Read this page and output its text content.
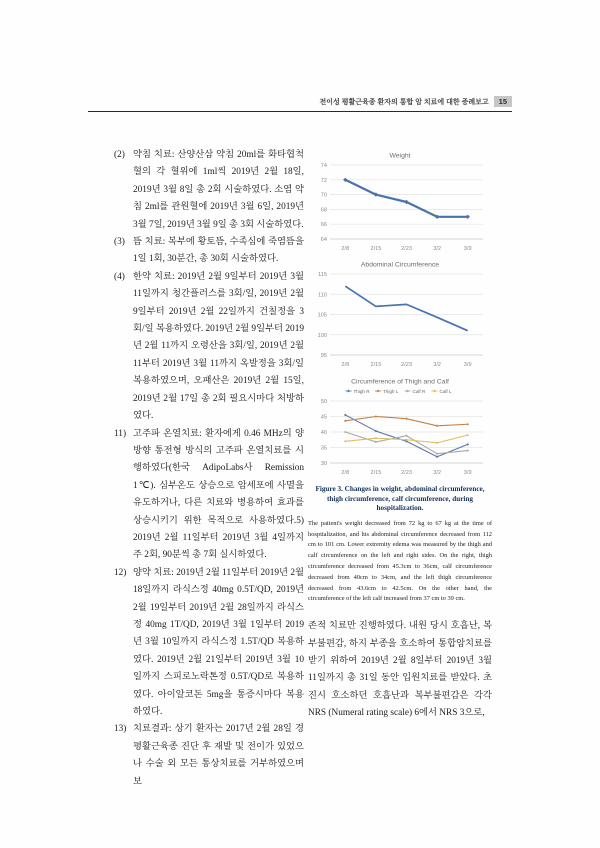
전이성 평활근육종 환자의 통합 암 치료에 대한 증례보고	15

(2) 약침 치료: 산양산삼 약침 20ml를 화타협척혈의 각 혈위에 1ml씩 2019년 2월 18일, 2019년 3월 8일 총 2회 시술하였다. 소염 약침 2ml를 관원혈에 2019년 3월 6일, 2019년 3월 7일, 2019년 3월 9일 총 3회 시술하였다.

(3) 뜸 치료: 복부에 황토뜸, 수족심에 죽염뜸을 1일 1회, 30분간, 총 30회 시술하였다.

(4) 한약 치료: 2019년 2월 9일부터 2019년 3월 11일까지 청간플러스를 3회/일, 2019년 2월 9일부터 2019년 2월 22일까지 건칠정을 3회/일 복용하였다. 2019년 2월 9일부터 2019년 2월 11까지 오령산을 3회/일, 2019년 2월 11부터 2019년 3월 11까지 옥발정을 3회/일 복용하였으며, 오패산은 2019년 2월 15일, 2019년 2월 17일 총 2회 필요시마다 처방하였다.

11) 고주파 온열치료: 환자에게 0.46 MHz의 양방향 통전형 방식의 고주파 온열치료를 시행하였다(한국 AdipoLabs사 Remission 1℃). 심부온도 상승으로 암세포에 사멸을 유도하거나, 다른 치료와 병용하여 효과를 상승시키기 위한 목적으로 사용하였다.5) 2019년 2월 11일부터 2019년 3월 4일까지 주 2회, 90분씩 총 7회 실시하였다.

12) 양약 치료: 2019년 2월 11일부터 2019년 2월 18일까지 라식스정 40mg 0.5T/QD, 2019년 2월 19일부터 2019년 2월 28일까지 라식스정 40mg 1T/QD, 2019년 3월 1일부터 2019년 3월 10일까지 라식스정 1.5T/QD 복용하였다. 2019년 2월 21일부터 2019년 3월 10일까지 스피로노락톤정 0.5T/QD로 복용하였다. 아이알코돈 5mg을 통증시마다 복용하였다.

13) 치료결과: 상기 환자는 2017년 2월 28일 경 평활근육종 진단 후 재발 및 전이가 있었으나 수술 외 모든 통상치료를 거부하였으며 보

Weight
64
66
68
70
72
74
2/8	2/15	2/23	3/2	3/9
Abdominal Circumference
95
100
105
110
115
2/8	2/15	2/23	3/2	3/9
Circumference of Thigh and Calf
30
35
40
45
50
2/8	2/15	2/23	3/2	3/9
Thigh R	Thigh L	Calf R	Calf L
Figure 3. Changes in weight, abdominal circumference, thigh circumference, calf circumference, during hospitalization.
The patient's weight decreased from 72 kg to 67 kg at the time of hospitalization, and his abdominal circumference decreased from 112 cm to 101 cm. Lower extremity edema was measured by the thigh and calf circumference on the left and right sides. On the right, thigh circumference decreased from 45.3cm to 36cm, calf circumference decreased from 40cm to 34cm, and the left thigh circumference decreased from 43.6cm to 42.5cm. On the other hand, the circumference of the left calf increased from 37 cm to 39 cm.
존적 치료만 진행하였다. 내원 당시 호흡난, 복부불편감, 하지 부종을 호소하여 통합암치료를 받기 위하여 2019년 2월 8일부터 2019년 3월 11일까지 총 31일 동안 입원치료를 받았다. 초진시 호소하던 호흡난과 복부불편감은 각각 NRS (Numeral rating scale) 6에서 NRS 3으로,
